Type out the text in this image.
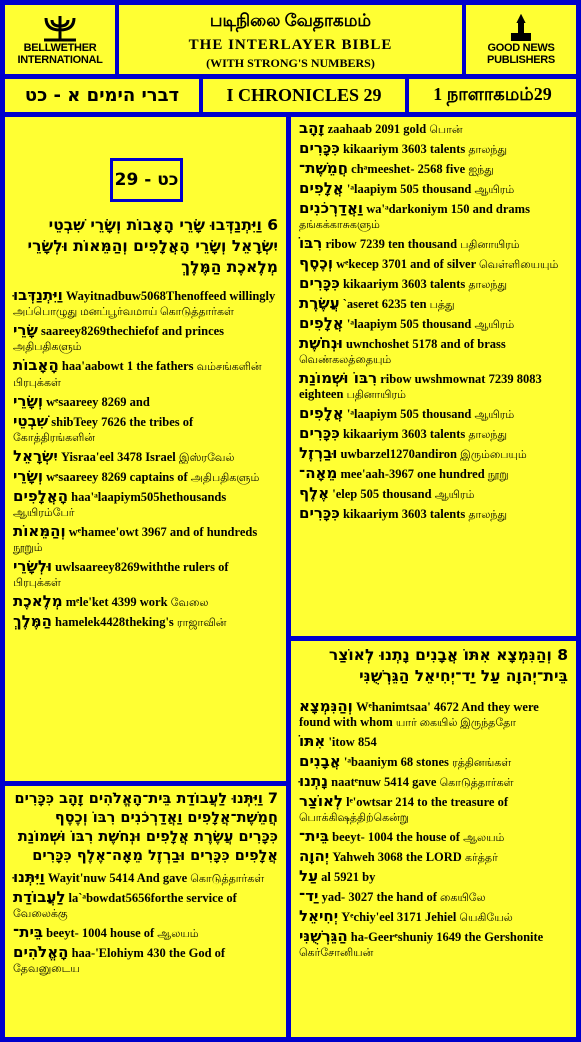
BELLWETHER INTERNATIONAL
படிநிலை வேதாகமம்
THE INTERLAYER BIBLE
(WITH STRONG'S NUMBERS)
GOOD NEWS PUBLISHERS
דברי הימים א - כט	I CHRONICLES 29	1 நாளாகமம்29
6 וַיִּתְנַדְּבוּ שָׂרֵי הָאָבוֹת וְשָׂרֵי שִׁבְטֵי יִשְׂרָאֵל וְשָׂרֵי הָאֲלָפִים וְהַמֵּאוֹת וּלְשָׂרֵי מְלֶאכֶת הַמֶּלֶךְ
וַיִּתְנַדְּבוּ Wayitnadbuw5068Thenoffeed willingly அப்பொழுது மனப்பூர்வமாய் கொடுத்தார்கள்
שָׂרֵי saareey8269thechiefof and princes அதிபதிகளும்
הָאָבוֹת haa'aabowt 1 the fathers வம்சங்களின் பிரபுக்கள்
וְשָׂרֵי wᵉsaareey 8269 and
שִׁבְטֵי shibTeey 7626 the tribes of கோத்திரங்களின்
יִשְׂרָאֵל Yisraa'eel 3478 Israel இஸ்ரவேல்
וְשָׂרֵי wᵉsaareey 8269 captains of அதிபதிகளும்
הָאֲלָפִים haa'ᵃlaapiym505hethousands ஆயிரம்பேர்
וְהַמֵּאוֹת wᵉhamee'owt 3967 and of hundreds நூறும்
וּלְשָׂרֵי uwlsaareey8269withthe rulers of பிரபுக்கள்
מְלֶאכֶת mᵉle'ket 4399 work வேலை
הַמֶּלֶךְ hamelek4428theking's ராஜாவின்
כט - 29
7 וַיִּתְּנוּ לַעֲבוֹדַת בֵּית־הָאֱלֹהִים זָהָב כִּכָּרִים חֲמֵשֶׁת־אֲלָפִים וַאֲדַרְכֹנִים רִבּוֹ וְכֶסֶף כִּכָּרִים עֲשֶׂרֶת אֲלָפִים וּנְחֹשֶׁת רִבּוֹ וּשְׁמוֹנַת אֲלָפִים כִּכָּרִים וּבַרְזֶל מֵאָה־אֶלֶף כִּכָּרִים
וַיִּתְּנוּ Wayit'nuw 5414 And gave கொடுத்தார்கள்
לַעֲבוֹדַת la`ᵃbowdat5656forthe service of வேலைக்கு
בֵּית־ beeyt- 1004 house of ஆலயம்
הָאֱלֹהִים haa-'Elohiym 430 the God of தேவனுடைய
זָהָב zaahaab 2091 gold பொன்
כִּכָּרִים kikaariym 3603 talents தாலந்து
חֲמֵשֶׁת־ chᵃmeeshet- 2568 five ஐந்து
אֲלָפִים 'ᵃlaapiym 505 thousand ஆயிரம்
וַאֲדַרְכֹנִים wa'ᵃdarkoniym 150 and drams தங்கக்காசுகளும்
רִבּוֹ ribow 7239 ten thousand பதினாயிரம்
וְכֶסֶף wᵉkecep 3701 and of silver வெள்ளியையும்
כִּכָּרִים kikaariym 3603 talents தாலந்து
עֲשֶׂרֶת `aseret 6235 ten பத்து
אֲלָפִים 'ᵃlaapiym 505 thousand ஆயிரம்
וּנְחֹשֶׁת uwnchoshet 5178 and of brass வெண்கலத்தையும்
רִבּוֹ וּשְׁמוֹנַת ribow uwshmownat 7239 8083 eighteen பதினாயிரம்
אֲלָפִים 'ᵃlaapiym 505 thousand ஆயிரம்
כִּכָּרִים kikaariym 3603 talents தாலந்து
וּבַרְזֶל uwbarzel1270andiron இரும்பையும்
מֵאָה־ mee'aah-3967 one hundred நூறு
אֶלֶף 'elep 505 thousand ஆயிரம்
כִּכָּרִים kikaariym 3603 talents தாலந்து
8 וְהַנִּמְצָא אִתּוֹ אֲבָנִים נָתְנוּ לְאוֹצַר בֵּית־יְהוָה עַל יַד־יְחִיאֵל הַגֵּרְשֻׁנִּי
וְהַנִּמְצָא Wᵉhanimtsaa' 4672 And they were found with whom யார் கையில் இருந்ததோ
אִתּוֹ 'itow 854
אֲבָנִים 'ᵃbaaniym 68 stones ரத்தினங்கள்
נָתְנוּ naatᵉnuw 5414 gave கொடுத்தார்கள்
לְאוֹצַר lᵉ'owtsar 214 to the treasure of பொக்கிஷத்திற்கென்று
בֵּית־ beeyt- 1004 the house of ஆலயம்
יְהוָה Yahweh 3068 the LORD கர்த்தர்
עַל al 5921 by
יַד־ yad- 3027 the hand of கையிலே
יְחִיאֵל Yᵉchiy'eel 3171 Jehiel யெகியேல்
הַגֵּרְשֻׁנִּי ha-Geerᵉshuniy 1649 the Gershonite கெர்சோனியன்
